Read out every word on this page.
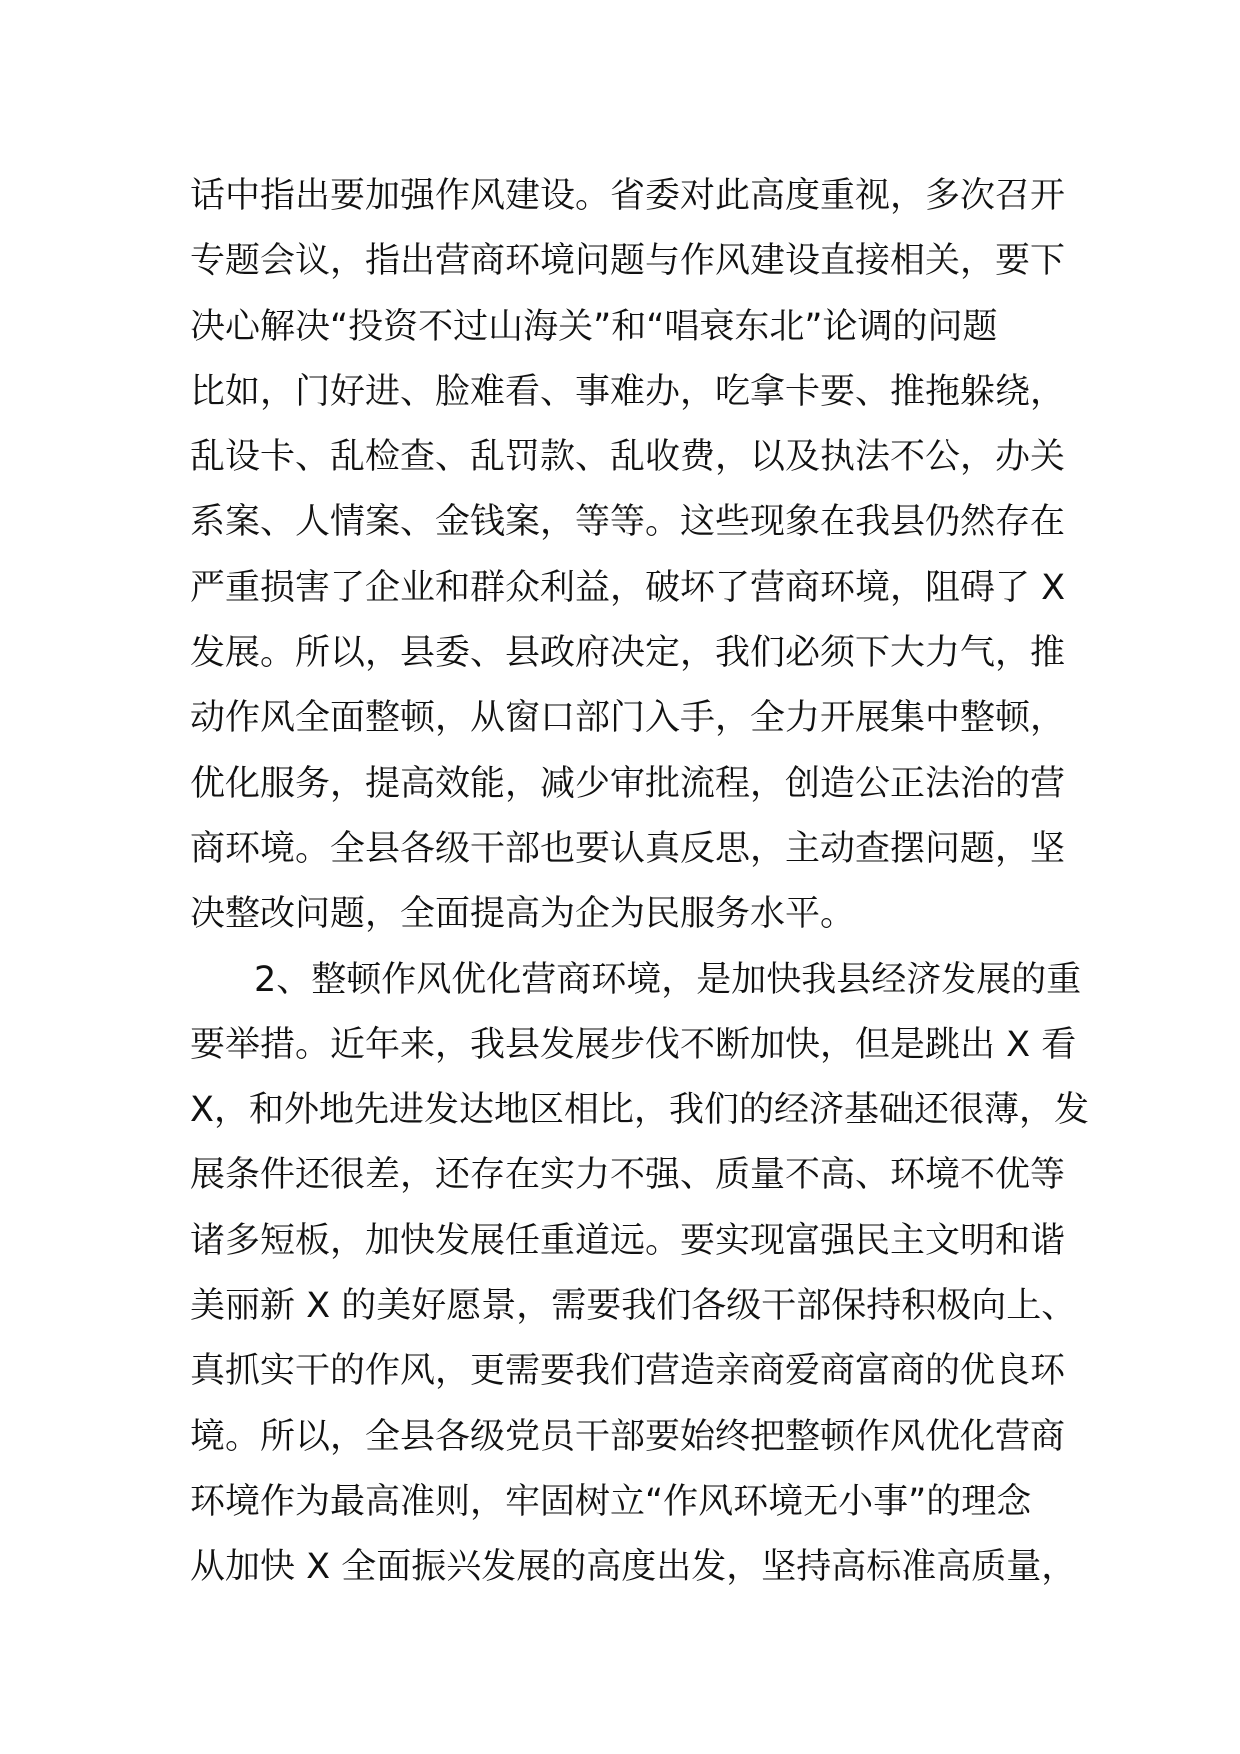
话中指出要加强作风建设。省委对此高度重视，多次召开
专题会议，指出营商环境问题与作风建设直接相关，要下
决心解决“投资不过山海关”和“唱衰东北”论调的问题
比如，门好进、脸难看、事难办，吃拿卡要、推拖躲绕，
乱设卡、乱检查、乱罚款、乱收费，以及执法不公，办关
系案、人情案、金钱案，等等。这些现象在我县仍然存在
严重损害了企业和群众利益，破坏了营商环境，阻碍了 X
发展。所以，县委、县政府决定，我们必须下大力气，推
动作风全面整顿，从窗口部门入手，全力开展集中整顿，
优化服务，提高效能，减少审批流程，创造公正法治的营
商环境。全县各级干部也要认真反思，主动查摆问题，坚
决整改问题，全面提高为企为民服务水平。
2、整顿作风优化营商环境，是加快我县经济发展的重
要举措。近年来，我县发展步伐不断加快，但是跳出 X 看
X，和外地先进发达地区相比，我们的经济基础还很薄，发
展条件还很差，还存在实力不强、质量不高、环境不优等
诸多短板，加快发展任重道远。要实现富强民主文明和谐
美丽新 X 的美好愿景，需要我们各级干部保持积极向上、
真抓实干的作风，更需要我们营造亲商爱商富商的优良环
境。所以，全县各级党员干部要始终把整顿作风优化营商
环境作为最高准则，牢固树立“作风环境无小事”的理念
从加快 X 全面振兴发展的高度出发，坚持高标准高质量，
